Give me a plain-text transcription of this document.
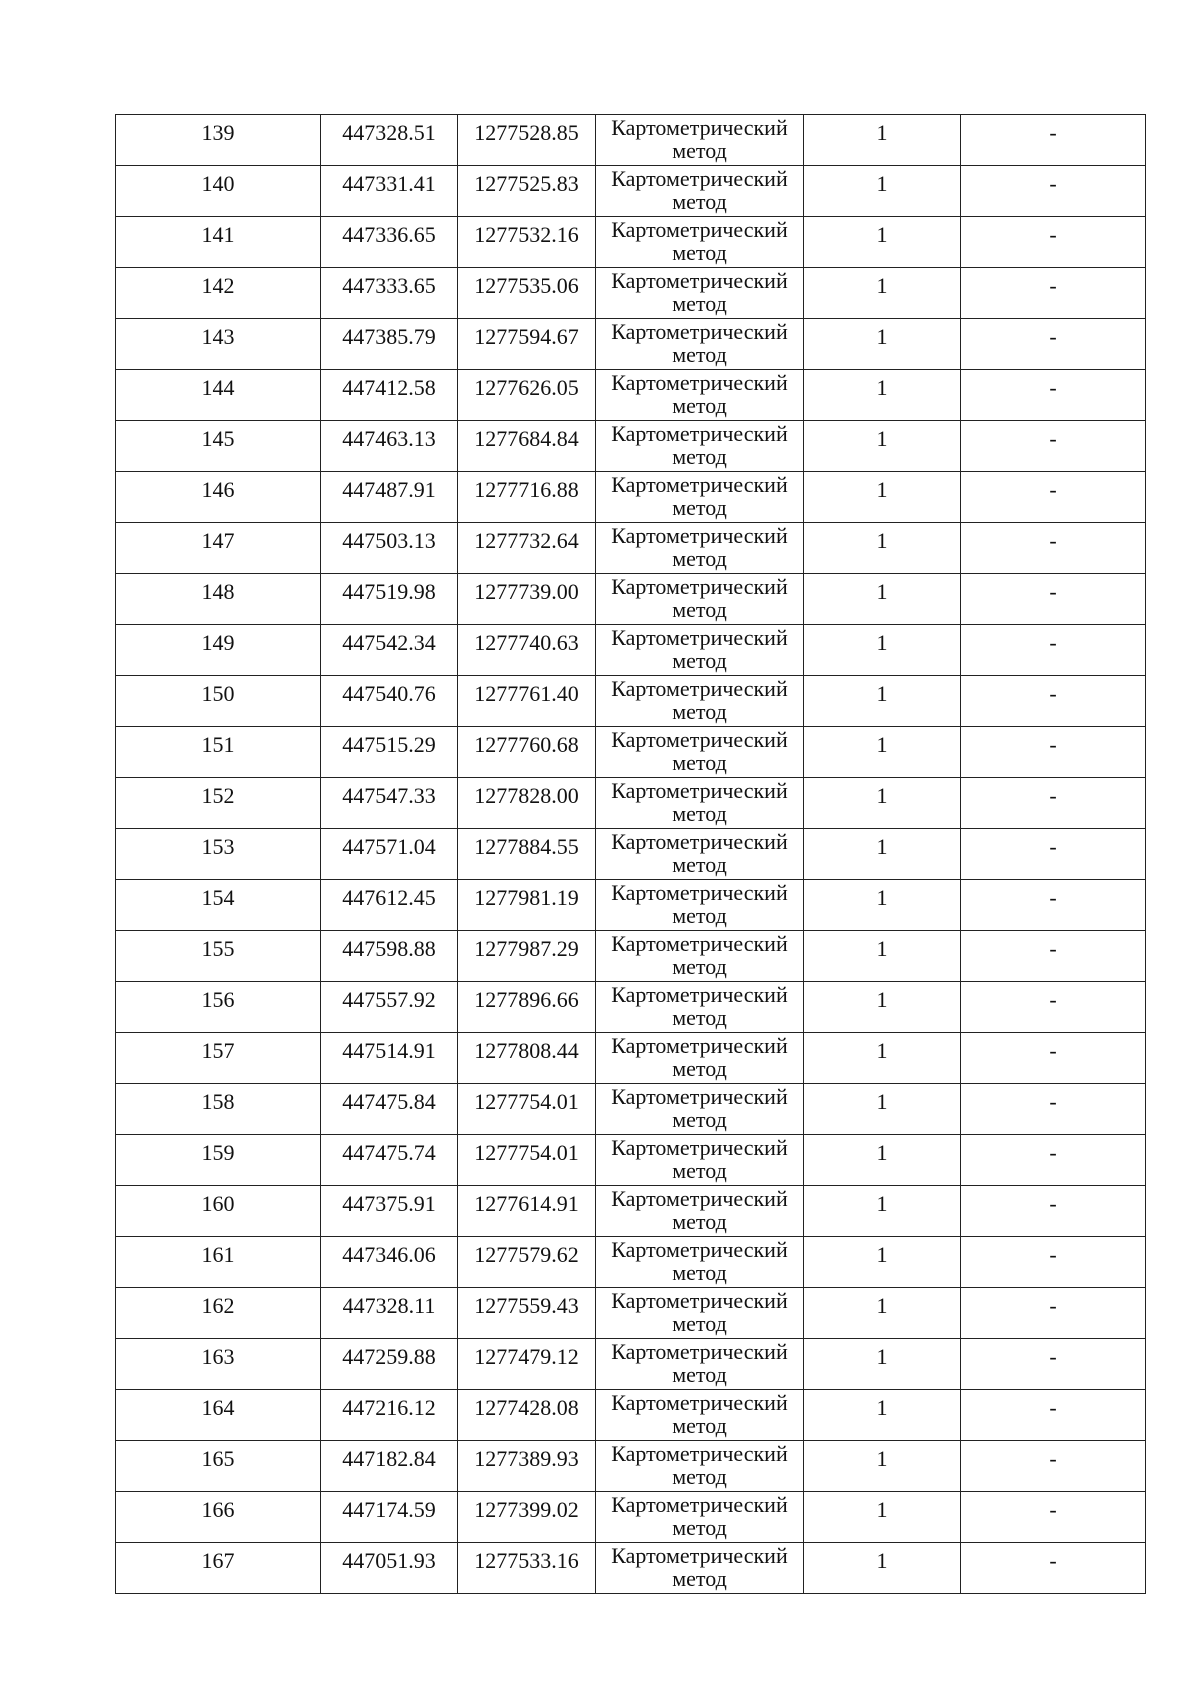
139	447328.51	1277528.85	Картометрический метод	1	-
140	447331.41	1277525.83	Картометрический метод	1	-
141	447336.65	1277532.16	Картометрический метод	1	-
142	447333.65	1277535.06	Картометрический метод	1	-
143	447385.79	1277594.67	Картометрический метод	1	-
144	447412.58	1277626.05	Картометрический метод	1	-
145	447463.13	1277684.84	Картометрический метод	1	-
146	447487.91	1277716.88	Картометрический метод	1	-
147	447503.13	1277732.64	Картометрический метод	1	-
148	447519.98	1277739.00	Картометрический метод	1	-
149	447542.34	1277740.63	Картометрический метод	1	-
150	447540.76	1277761.40	Картометрический метод	1	-
151	447515.29	1277760.68	Картометрический метод	1	-
152	447547.33	1277828.00	Картометрический метод	1	-
153	447571.04	1277884.55	Картометрический метод	1	-
154	447612.45	1277981.19	Картометрический метод	1	-
155	447598.88	1277987.29	Картометрический метод	1	-
156	447557.92	1277896.66	Картометрический метод	1	-
157	447514.91	1277808.44	Картометрический метод	1	-
158	447475.84	1277754.01	Картометрический метод	1	-
159	447475.74	1277754.01	Картометрический метод	1	-
160	447375.91	1277614.91	Картометрический метод	1	-
161	447346.06	1277579.62	Картометрический метод	1	-
162	447328.11	1277559.43	Картометрический метод	1	-
163	447259.88	1277479.12	Картометрический метод	1	-
164	447216.12	1277428.08	Картометрический метод	1	-
165	447182.84	1277389.93	Картометрический метод	1	-
166	447174.59	1277399.02	Картометрический метод	1	-
167	447051.93	1277533.16	Картометрический метод	1	-
